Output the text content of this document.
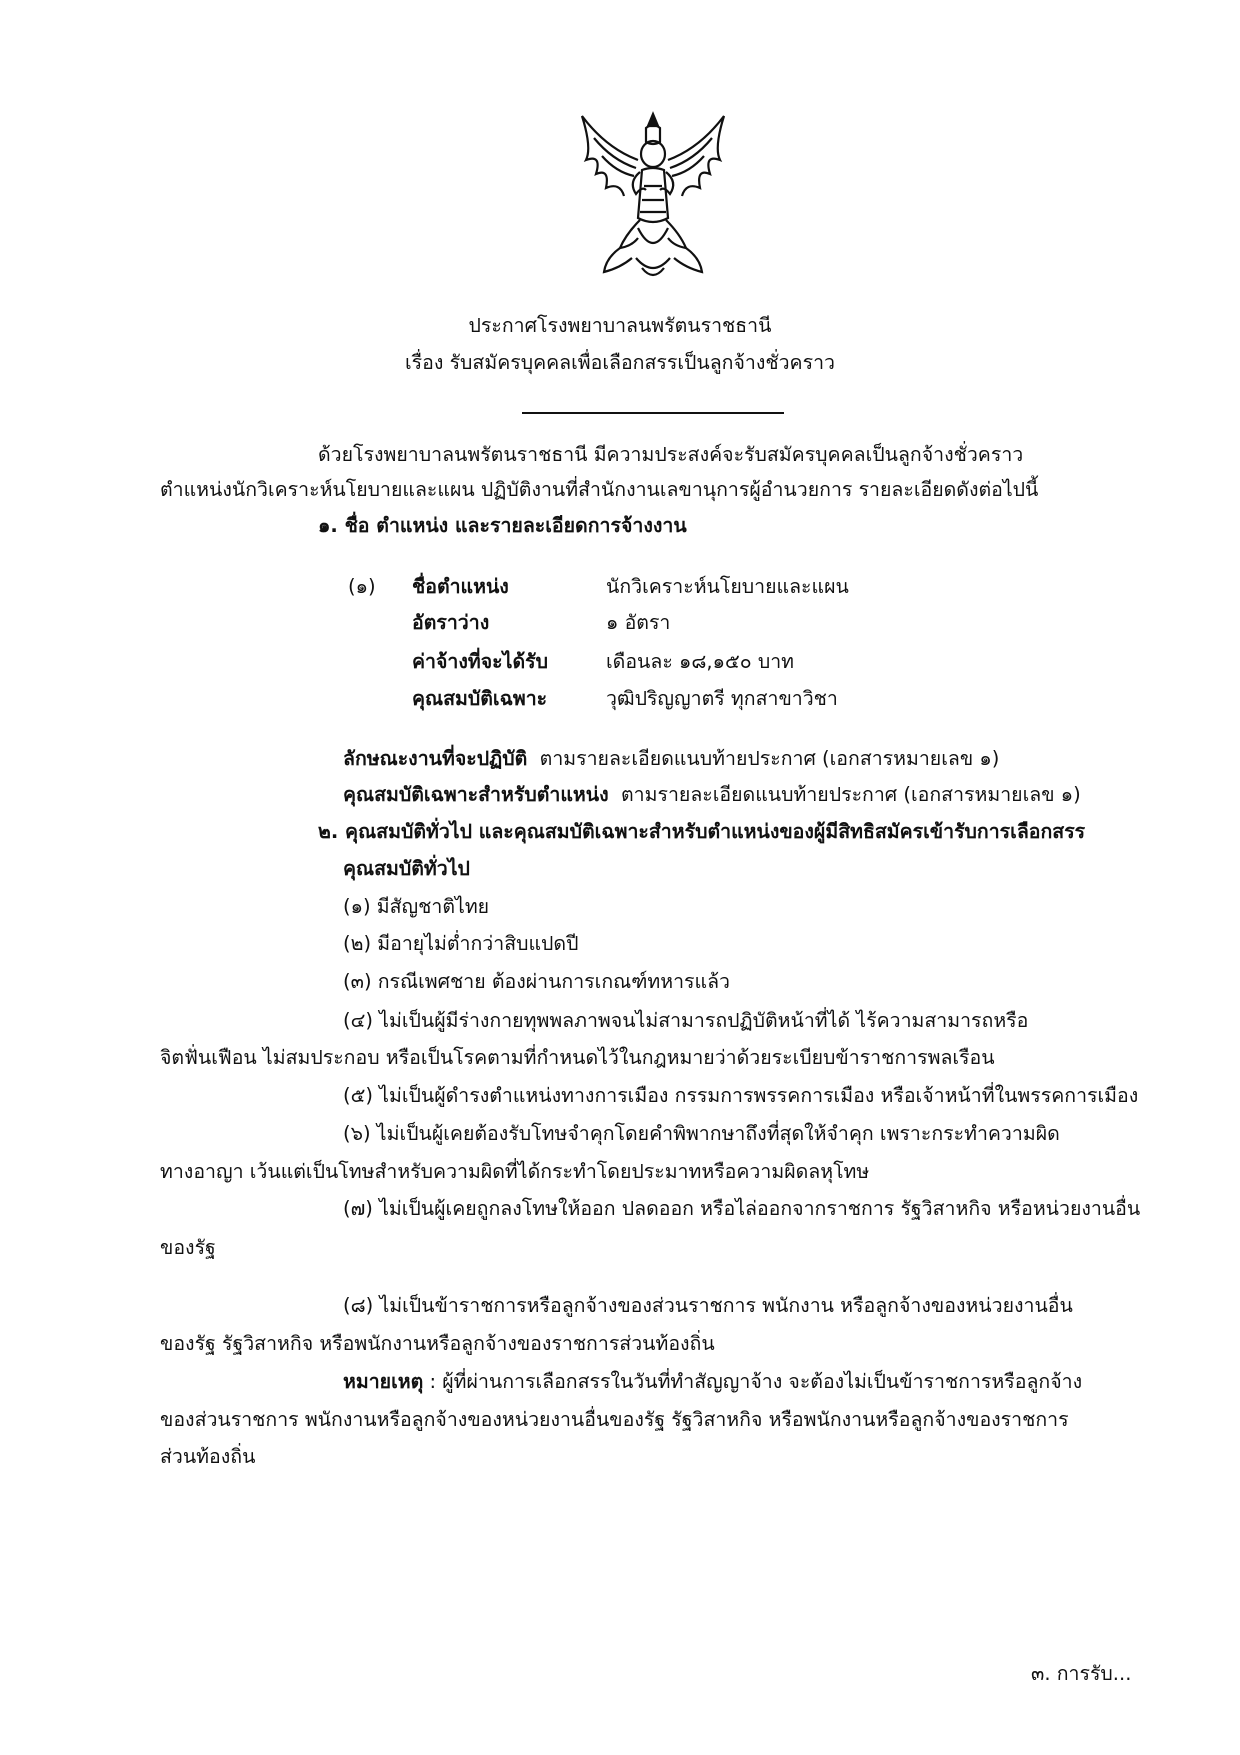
ประกาศโรงพยาบาลนพรัตนราชธานี
เรื่อง รับสมัครบุคคลเพื่อเลือกสรรเป็นลูกจ้างชั่วคราว
ด้วยโรงพยาบาลนพรัตนราชธานี มีความประสงค์จะรับสมัครบุคคลเป็นลูกจ้างชั่วคราว
ตำแหน่งนักวิเคราะห์นโยบายและแผน ปฏิบัติงานที่สำนักงานเลขานุการผู้อำนวยการ รายละเอียดดังต่อไปนี้
๑. ชื่อ ตำแหน่ง และรายละเอียดการจ้างงาน
(๑) ชื่อตำแหน่ง	นักวิเคราะห์นโยบายและแผน
อัตราว่าง	๑ อัตรา
ค่าจ้างที่จะได้รับ	เดือนละ ๑๘,๑๕๐ บาท
คุณสมบัติเฉพาะ	วุฒิปริญญาตรี ทุกสาขาวิชา
ลักษณะงานที่จะปฏิบัติ ตามรายละเอียดแนบท้ายประกาศ (เอกสารหมายเลข ๑)
คุณสมบัติเฉพาะสำหรับตำแหน่ง ตามรายละเอียดแนบท้ายประกาศ (เอกสารหมายเลข ๑)
๒. คุณสมบัติทั่วไป และคุณสมบัติเฉพาะสำหรับตำแหน่งของผู้มีสิทธิสมัครเข้ารับการเลือกสรร
คุณสมบัติทั่วไป
(๑) มีสัญชาติไทย
(๒) มีอายุไม่ต่ำกว่าสิบแปดปี
(๓) กรณีเพศชาย ต้องผ่านการเกณฑ์ทหารแล้ว
(๔) ไม่เป็นผู้มีร่างกายทุพพลภาพจนไม่สามารถปฏิบัติหน้าที่ได้ ไร้ความสามารถหรือ
จิตฟั่นเฟือน ไม่สมประกอบ หรือเป็นโรคตามที่กำหนดไว้ในกฎหมายว่าด้วยระเบียบข้าราชการพลเรือน
(๕) ไม่เป็นผู้ดำรงตำแหน่งทางการเมือง กรรมการพรรคการเมือง หรือเจ้าหน้าที่ในพรรคการเมือง
(๖) ไม่เป็นผู้เคยต้องรับโทษจำคุกโดยคำพิพากษาถึงที่สุดให้จำคุก เพราะกระทำความผิด
ทางอาญา เว้นแต่เป็นโทษสำหรับความผิดที่ได้กระทำโดยประมาทหรือความผิดลหุโทษ
(๗) ไม่เป็นผู้เคยถูกลงโทษให้ออก ปลดออก หรือไล่ออกจากราชการ รัฐวิสาหกิจ หรือหน่วยงานอื่น
ของรัฐ
(๘) ไม่เป็นข้าราชการหรือลูกจ้างของส่วนราชการ พนักงาน หรือลูกจ้างของหน่วยงานอื่น
ของรัฐ รัฐวิสาหกิจ หรือพนักงานหรือลูกจ้างของราชการส่วนท้องถิ่น
หมายเหตุ : ผู้ที่ผ่านการเลือกสรรในวันที่ทำสัญญาจ้าง จะต้องไม่เป็นข้าราชการหรือลูกจ้าง
ของส่วนราชการ พนักงานหรือลูกจ้างของหน่วยงานอื่นของรัฐ รัฐวิสาหกิจ หรือพนักงานหรือลูกจ้างของราชการ
ส่วนท้องถิ่น
๓. การรับ...
